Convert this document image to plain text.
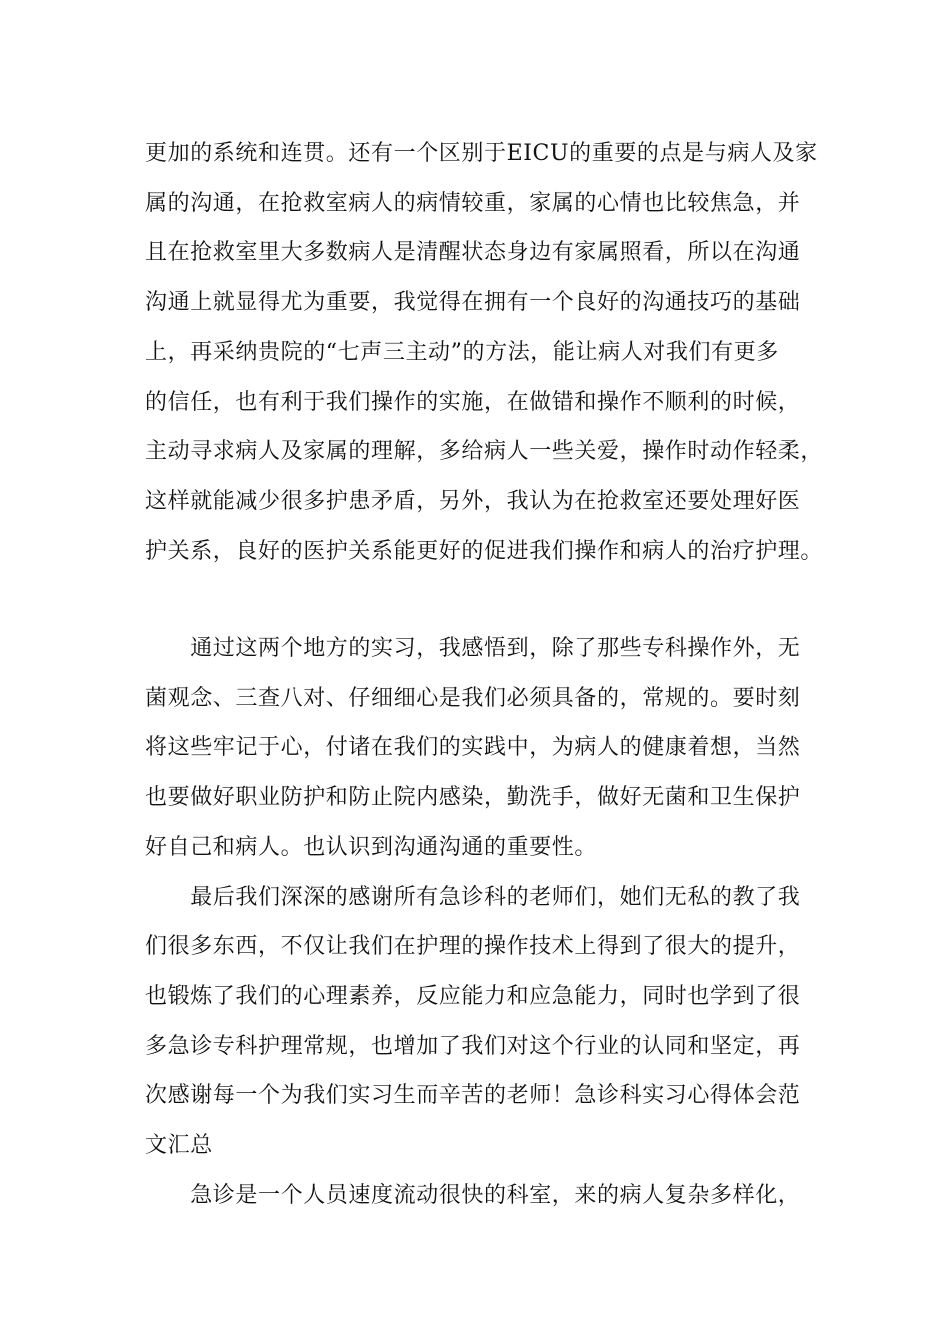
更加的系统和连贯。还有一个区别于EICU的重要的点是与病人及家
属的沟通，在抢救室病人的病情较重，家属的心情也比较焦急，并
且在抢救室里大多数病人是清醒状态身边有家属照看，所以在沟通
沟通上就显得尤为重要，我觉得在拥有一个良好的沟通技巧的基础
上，再采纳贵院的“七声三主动”的方法，能让病人对我们有更多
的信任，也有利于我们操作的实施，在做错和操作不顺利的时候，
主动寻求病人及家属的理解，多给病人一些关爱，操作时动作轻柔，
这样就能减少很多护患矛盾，另外，我认为在抢救室还要处理好医
护关系，良好的医护关系能更好的促进我们操作和病人的治疗护理。
　　通过这两个地方的实习，我感悟到，除了那些专科操作外，无
菌观念、三查八对、仔细细心是我们必须具备的，常规的。要时刻
将这些牢记于心，付诸在我们的实践中，为病人的健康着想，当然
也要做好职业防护和防止院内感染，勤洗手，做好无菌和卫生保护
好自己和病人。也认识到沟通沟通的重要性。
　　最后我们深深的感谢所有急诊科的老师们，她们无私的教了我
们很多东西，不仅让我们在护理的操作技术上得到了很大的提升，
也锻炼了我们的心理素养，反应能力和应急能力，同时也学到了很
多急诊专科护理常规，也增加了我们对这个行业的认同和坚定，再
次感谢每一个为我们实习生而辛苦的老师！急诊科实习心得体会范
文汇总
　　急诊是一个人员速度流动很快的科室，来的病人复杂多样化，
